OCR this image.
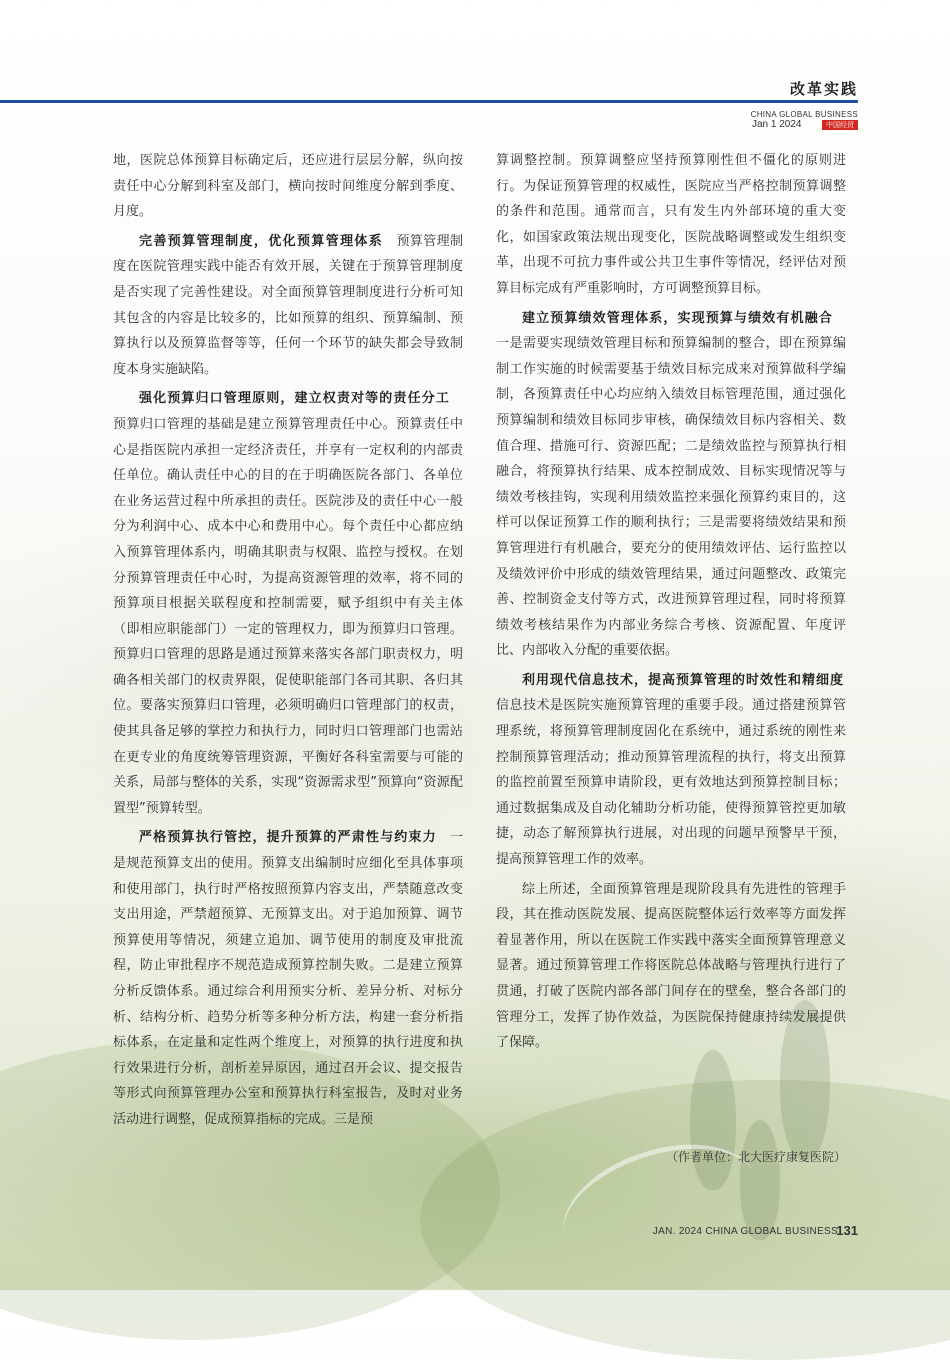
改革实践
CHINA GLOBAL BUSINESS
Jan 1 2024	中国经贸

地，医院总体预算目标确定后，还应进行层层分解，纵向按责任中心分解到科室及部门，横向按时间维度分解到季度、月度。

完善预算管理制度，优化预算管理体系　预算管理制度在医院管理实践中能否有效开展，关键在于预算管理制度是否实现了完善性建设。对全面预算管理制度进行分析可知其包含的内容是比较多的，比如预算的组织、预算编制、预算执行以及预算监督等等，任何一个环节的缺失都会导致制度本身实施缺陷。

强化预算归口管理原则，建立权责对等的责任分工　预算归口管理的基础是建立预算管理责任中心。预算责任中心是指医院内承担一定经济责任，并享有一定权利的内部责任单位。确认责任中心的目的在于明确医院各部门、各单位在业务运营过程中所承担的责任。医院涉及的责任中心一般分为利润中心、成本中心和费用中心。每个责任中心都应纳入预算管理体系内，明确其职责与权限、监控与授权。在划分预算管理责任中心时，为提高资源管理的效率，将不同的预算项目根据关联程度和控制需要，赋予组织中有关主体（即相应职能部门）一定的管理权力，即为预算归口管理。预算归口管理的思路是通过预算来落实各部门职责权力，明确各相关部门的权责界限，促使职能部门各司其职、各归其位。要落实预算归口管理，必须明确归口管理部门的权责，使其具备足够的掌控力和执行力，同时归口管理部门也需站在更专业的角度统筹管理资源，平衡好各科室需要与可能的关系，局部与整体的关系，实现“资源需求型”预算向“资源配置型”预算转型。

严格预算执行管控，提升预算的严肃性与约束力　一是规范预算支出的使用。预算支出编制时应细化至具体事项和使用部门，执行时严格按照预算内容支出，严禁随意改变支出用途，严禁超预算、无预算支出。对于追加预算、调节预算使用等情况，须建立追加、调节使用的制度及审批流程，防止审批程序不规范造成预算控制失败。二是建立预算分析反馈体系。通过综合利用预实分析、差异分析、对标分析、结构分析、趋势分析等多种分析方法，构建一套分析指标体系，在定量和定性两个维度上，对预算的执行进度和执行效果进行分析，剖析差异原因，通过召开会议、提交报告等形式向预算管理办公室和预算执行科室报告，及时对业务活动进行调整，促成预算指标的完成。三是预

算调整控制。预算调整应坚持预算刚性但不僵化的原则进行。为保证预算管理的权威性，医院应当严格控制预算调整的条件和范围。通常而言，只有发生内外部环境的重大变化，如国家政策法规出现变化，医院战略调整或发生组织变革，出现不可抗力事件或公共卫生事件等情况，经评估对预算目标完成有严重影响时，方可调整预算目标。

建立预算绩效管理体系，实现预算与绩效有机融合　一是需要实现绩效管理目标和预算编制的整合，即在预算编制工作实施的时候需要基于绩效目标完成来对预算做科学编制，各预算责任中心均应纳入绩效目标管理范围，通过强化预算编制和绩效目标同步审核，确保绩效目标内容相关、数值合理、措施可行、资源匹配；二是绩效监控与预算执行相融合，将预算执行结果、成本控制成效、目标实现情况等与绩效考核挂钩，实现利用绩效监控来强化预算约束目的，这样可以保证预算工作的顺利执行；三是需要将绩效结果和预算管理进行有机融合，要充分的使用绩效评估、运行监控以及绩效评价中形成的绩效管理结果，通过问题整改、政策完善、控制资金支付等方式，改进预算管理过程，同时将预算绩效考核结果作为内部业务综合考核、资源配置、年度评比、内部收入分配的重要依据。

利用现代信息技术，提高预算管理的时效性和精细度　信息技术是医院实施预算管理的重要手段。通过搭建预算管理系统，将预算管理制度固化在系统中，通过系统的刚性来控制预算管理活动；推动预算管理流程的执行，将支出预算的监控前置至预算申请阶段，更有效地达到预算控制目标；通过数据集成及自动化辅助分析功能，使得预算管控更加敏捷，动态了解预算执行进展，对出现的问题早预警早干预，提高预算管理工作的效率。

综上所述，全面预算管理是现阶段具有先进性的管理手段，其在推动医院发展、提高医院整体运行效率等方面发挥着显著作用，所以在医院工作实践中落实全面预算管理意义显著。通过预算管理工作将医院总体战略与管理执行进行了贯通，打破了医院内部各部门间存在的壁垒，整合各部门的管理分工，发挥了协作效益，为医院保持健康持续发展提供了保障。

（作者单位：北大医疗康复医院）
JAN. 2024 CHINA GLOBAL BUSINESS
131
